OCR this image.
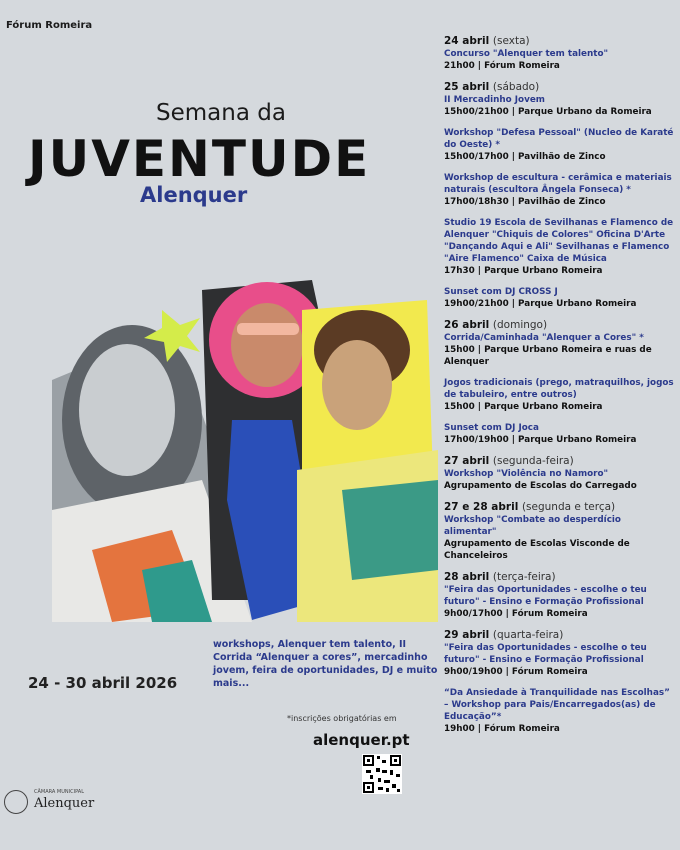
Fórum Romeira
Semana da
JUVENTUDE
Alenquer
workshops, Alenquer tem talento, II Corrida “Alenquer a cores”, mercadinho jovem, feira de oportunidades, DJ e muito mais...
24 - 30 abril 2026
*inscrições obrigatórias em
alenquer.pt
CÂMARA MUNICIPAL
Alenquer
24 abril (sexta)
Concurso "Alenquer tem talento"
21h00 | Fórum Romeira
25 abril (sábado)
II Mercadinho Jovem
15h00/21h00 | Parque Urbano da Romeira
Workshop "Defesa Pessoal" (Nucleo de Karaté do Oeste) *
15h00/17h00 | Pavilhão de Zinco
Workshop de escultura - cerâmica e materiais naturais (escultora Ângela Fonseca) *
17h00/18h30 | Pavilhão de Zinco
Studio 19 Escola de Sevilhanas e Flamenco de Alenquer "Chiquis de Colores" Oficina D'Arte "Dançando Aqui e Ali" Sevilhanas e Flamenco "Aire Flamenco" Caixa de Música
17h30 | Parque Urbano Romeira
Sunset com DJ CROSS J
19h00/21h00 | Parque Urbano Romeira
26 abril (domingo)
Corrida/Caminhada "Alenquer a Cores" *
15h00 | Parque Urbano Romeira e ruas de Alenquer
Jogos tradicionais (prego, matraquilhos, jogos de tabuleiro, entre outros)
15h00 | Parque Urbano Romeira
Sunset com DJ Joca
17h00/19h00 | Parque Urbano Romeira
27 abril (segunda-feira)
Workshop "Violência no Namoro"
Agrupamento de Escolas do Carregado
27 e 28 abril (segunda e terça)
Workshop "Combate ao desperdício alimentar"
Agrupamento de Escolas Visconde de Chanceleiros
28 abril (terça-feira)
"Feira das Oportunidades - escolhe o teu futuro" - Ensino e Formação Profissional
9h00/17h00 | Fórum Romeira
29 abril (quarta-feira)
"Feira das Oportunidades - escolhe o teu futuro" - Ensino e Formação Profissional
9h00/19h00 | Fórum Romeira
“Da Ansiedade à Tranquilidade nas Escolhas” – Workshop para Pais/Encarregados(as) de Educação”*
19h00 | Fórum Romeira
